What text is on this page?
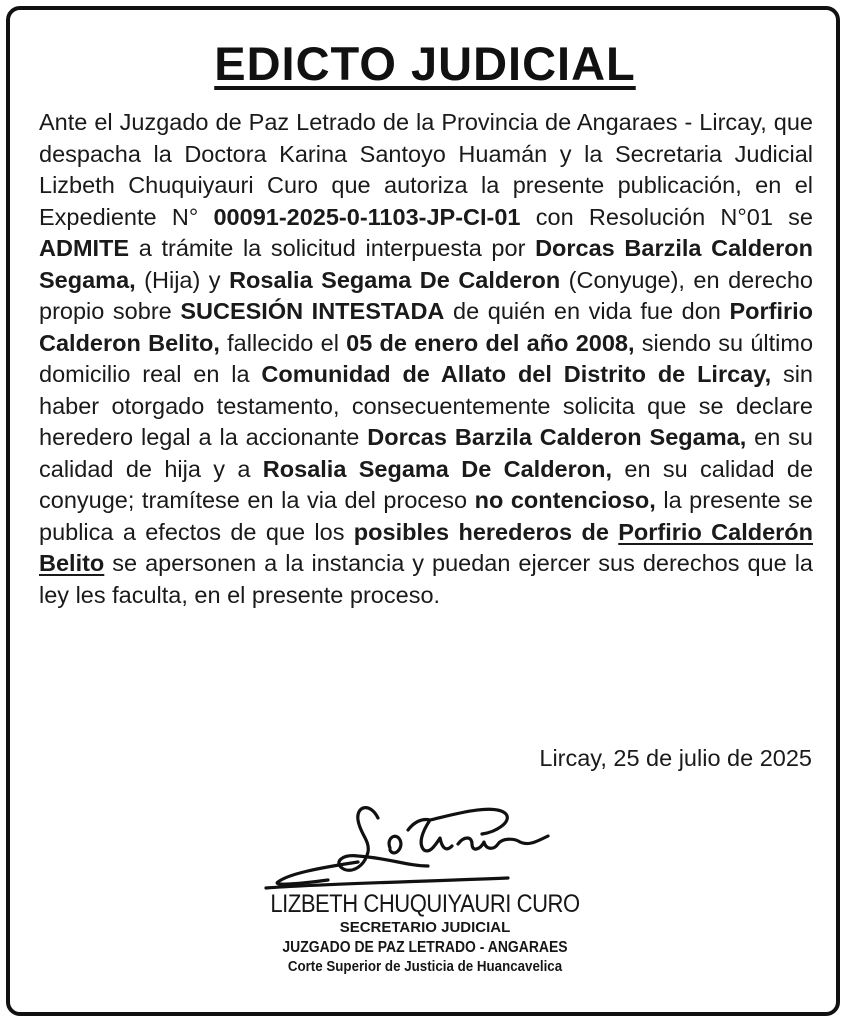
EDICTO JUDICIAL

Ante el Juzgado de Paz Letrado de la Provincia de Angaraes - Lircay, que despacha la Doctora Karina Santoyo Huamán y la Secretaria Judicial Lizbeth Chuquiyauri Curo que autoriza la presente publicación, en el Expediente N° 00091-2025-0-1103-JP-CI-01 con Resolución N°01 se ADMITE a trámite la solicitud interpuesta por Dorcas Barzila Calderon Segama, (Hija) y Rosalia Segama De Calderon (Conyuge), en derecho propio sobre SUCESIÓN INTESTADA de quién en vida fue don Porfirio Calderon Belito, fallecido el 05 de enero del año 2008, siendo su último domicilio real en la Comunidad de Allato del Distrito de Lircay, sin haber otorgado testamento, consecuentemente solicita que se declare heredero legal a la accionante Dorcas Barzila Calderon Segama, en su calidad de hija y a Rosalia Segama De Calderon, en su calidad de conyuge; tramítese en la via del proceso no contencioso, la presente se publica a efectos de que los posibles herederos de Porfirio Calderón Belito se apersonen a la instancia y puedan ejercer sus derechos que la ley les faculta, en el presente proceso.

Lircay, 25 de julio de 2025

LIZBETH CHUQUIYAURI CURO
SECRETARIO JUDICIAL
JUZGADO DE PAZ LETRADO - ANGARAES
Corte Superior de Justicia de Huancavelica
